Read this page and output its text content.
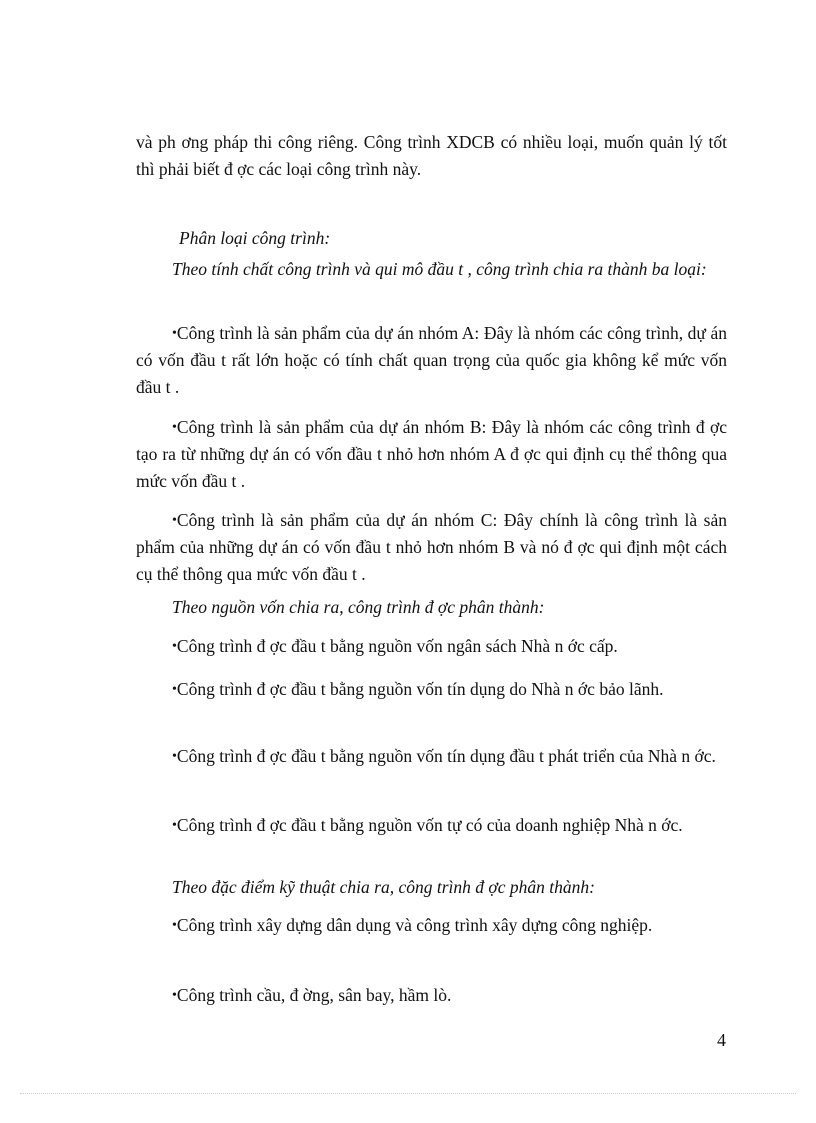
và ph ơng pháp thi công riêng. Công trình XDCB có nhiều loại, muốn quản lý tốt thì phải biết đ ợc các loại công trình này.

Phân loại công trình:

Theo tính chất công trình và qui mô đầu t , công trình chia ra thành ba loại:

•Công trình là sản phẩm của dự án nhóm A: Đây là nhóm các công trình, dự án có vốn đầu t rất lớn hoặc có tính chất quan trọng của quốc gia không kể mức vốn đầu t .

•Công trình là sản phẩm của dự án nhóm B: Đây là nhóm các công trình đ ợc tạo ra từ những dự án có vốn đầu t nhỏ hơn nhóm A đ ợc qui định cụ thể thông qua mức vốn đầu t .

•Công trình là sản phẩm của dự án nhóm C: Đây chính là công trình là sản phẩm của những dự án có vốn đầu t nhỏ hơn nhóm B và nó đ ợc qui định một cách cụ thể thông qua mức vốn đầu t .

Theo nguồn vốn chia ra, công trình đ ợc phân thành:

•Công trình đ ợc đầu t bằng nguồn vốn ngân sách Nhà n ớc cấp.

•Công trình đ ợc đầu t bằng nguồn vốn tín dụng do Nhà n ớc bảo lãnh.

•Công trình đ ợc đầu t bằng nguồn vốn tín dụng đầu t phát triển của Nhà n ớc.

•Công trình đ ợc đầu t bằng nguồn vốn tự có của doanh nghiệp Nhà n ớc.

Theo đặc điểm kỹ thuật chia ra, công trình đ ợc phân thành:

•Công trình xây dựng dân dụng và công trình xây dựng công nghiệp.

•Công trình cầu, đ ờng, sân bay, hầm lò.

4
